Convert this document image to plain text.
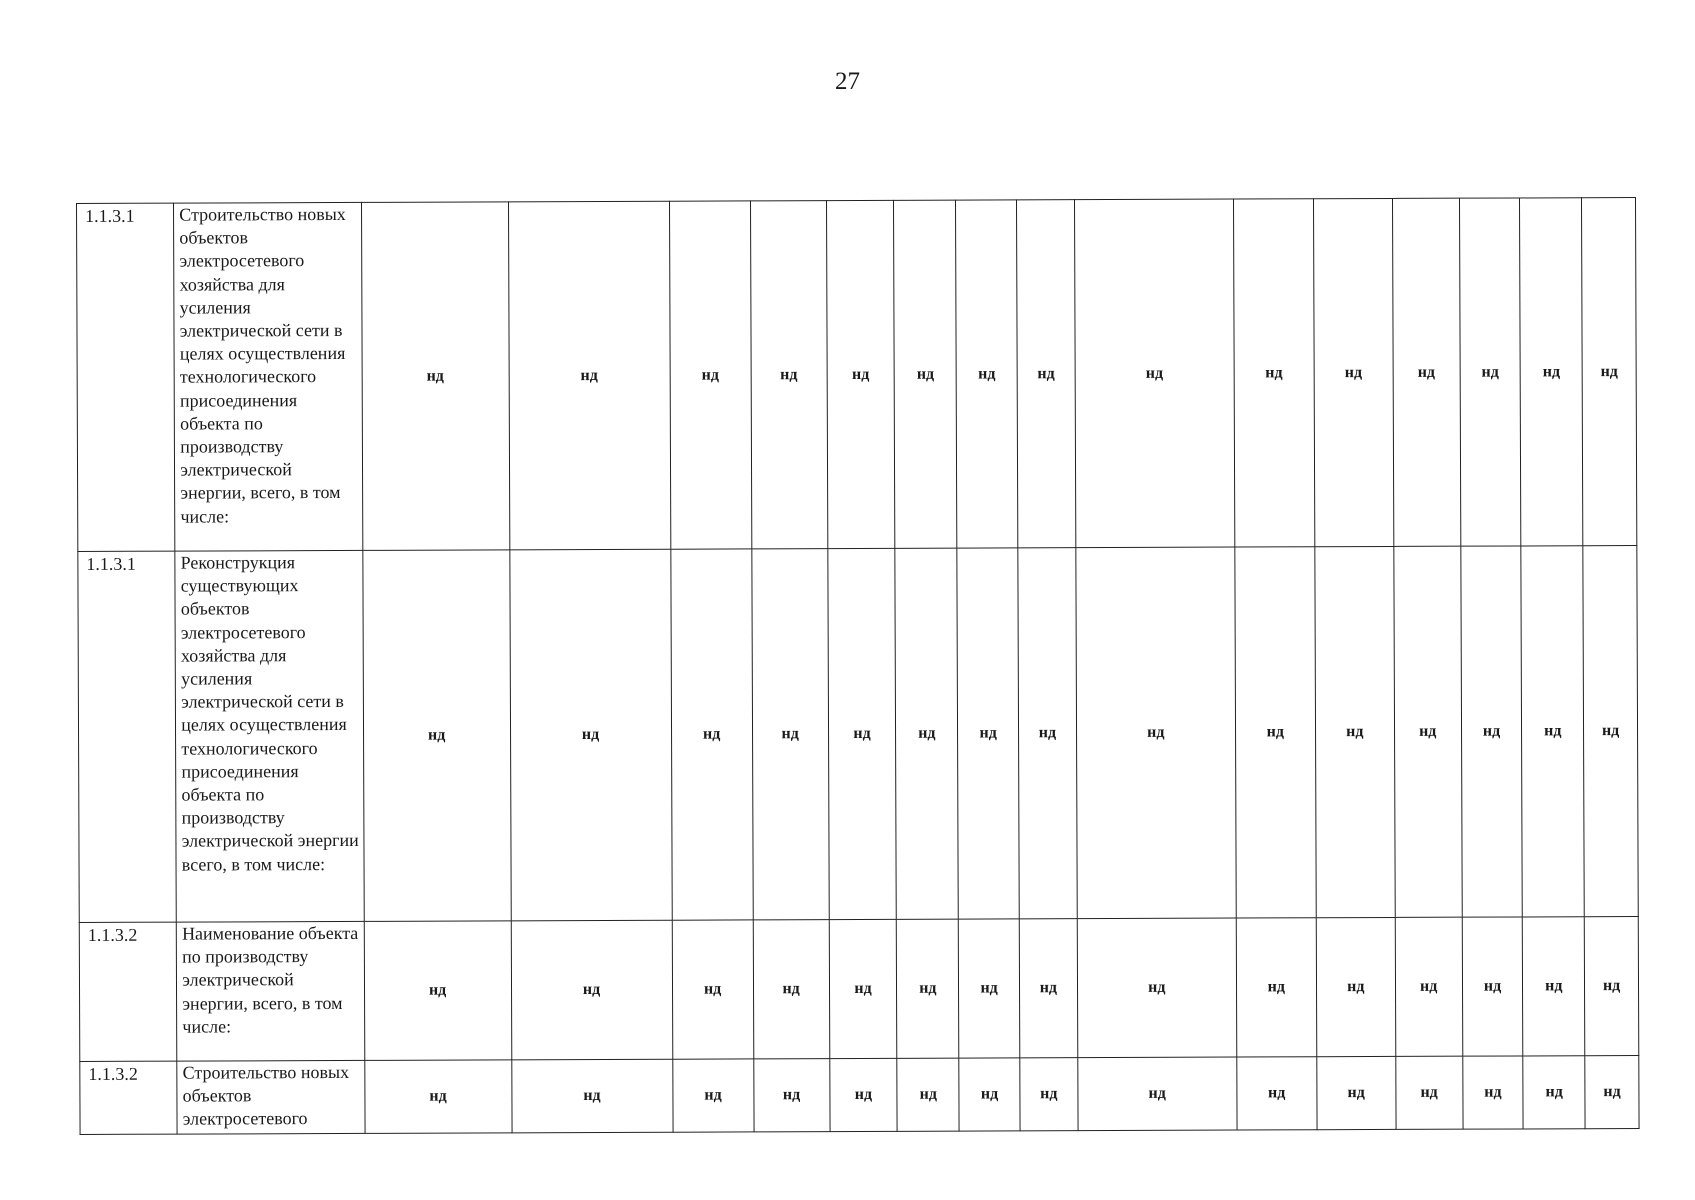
27
1.1.3.1	Строительство новых объектов электросетевого хозяйства для усиления электрической сети в целях осуществления технологического присоединения объекта по производству электрической энергии, всего, в том числе:	нд	нд	нд	нд	нд	нд	нд	нд	нд	нд	нд	нд	нд	нд	нд
1.1.3.1	Реконструкция существующих объектов электросетевого хозяйства для усиления электрической сети в целях осуществления технологического присоединения объекта по производству электрической энергии всего, в том числе:	нд	нд	нд	нд	нд	нд	нд	нд	нд	нд	нд	нд	нд	нд	нд
1.1.3.2	Наименование объекта по производству электрической энергии, всего, в том числе:	нд	нд	нд	нд	нд	нд	нд	нд	нд	нд	нд	нд	нд	нд	нд
1.1.3.2	Строительство новых объектов электросетевого	нд	нд	нд	нд	нд	нд	нд	нд	нд	нд	нд	нд	нд	нд	нд
